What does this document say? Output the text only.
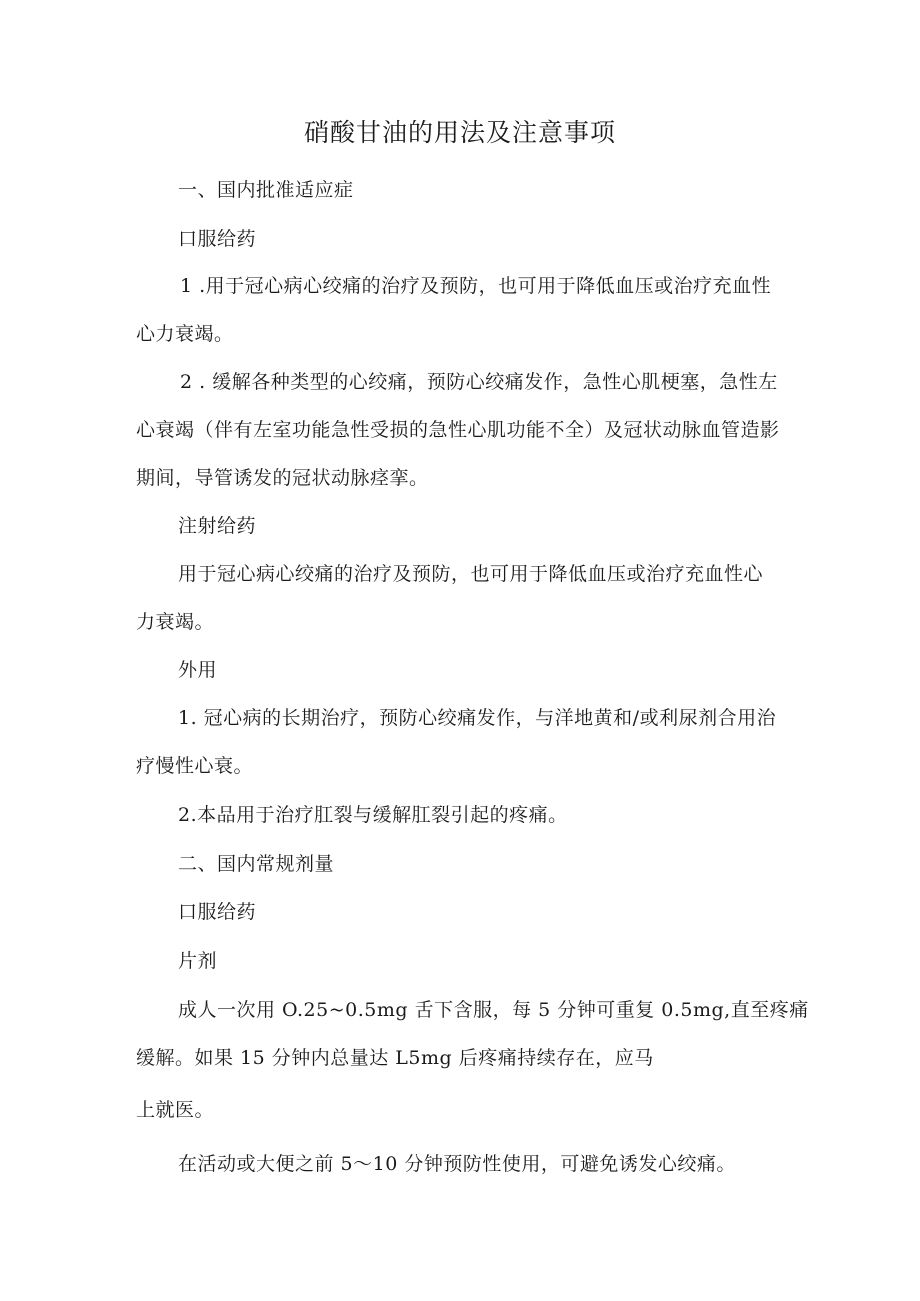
硝酸甘油的用法及注意事项
一、国内批准适应症
口服给药
1 .用于冠心病心绞痛的治疗及预防，也可用于降低血压或治疗充血性
心力衰竭。
2 . 缓解各种类型的心绞痛，预防心绞痛发作，急性心肌梗塞，急性左
心衰竭（伴有左室功能急性受损的急性心肌功能不全）及冠状动脉血管造影
期间，导管诱发的冠状动脉痉挛。
注射给药
用于冠心病心绞痛的治疗及预防，也可用于降低血压或治疗充血性心
力衰竭。
外用
1. 冠心病的长期治疗，预防心绞痛发作，与洋地黄和/或利尿剂合用治
疗慢性心衰。
2.本品用于治疗肛裂与缓解肛裂引起的疼痛。
二、国内常规剂量
口服给药
片剂
成人一次用 O.25~0.5mg 舌下含服，每 5 分钟可重复 0.5mg,直至疼痛
缓解。如果 15 分钟内总量达 L5mg 后疼痛持续存在，应马
上就医。
在活动或大便之前 5～10 分钟预防性使用，可避免诱发心绞痛。
